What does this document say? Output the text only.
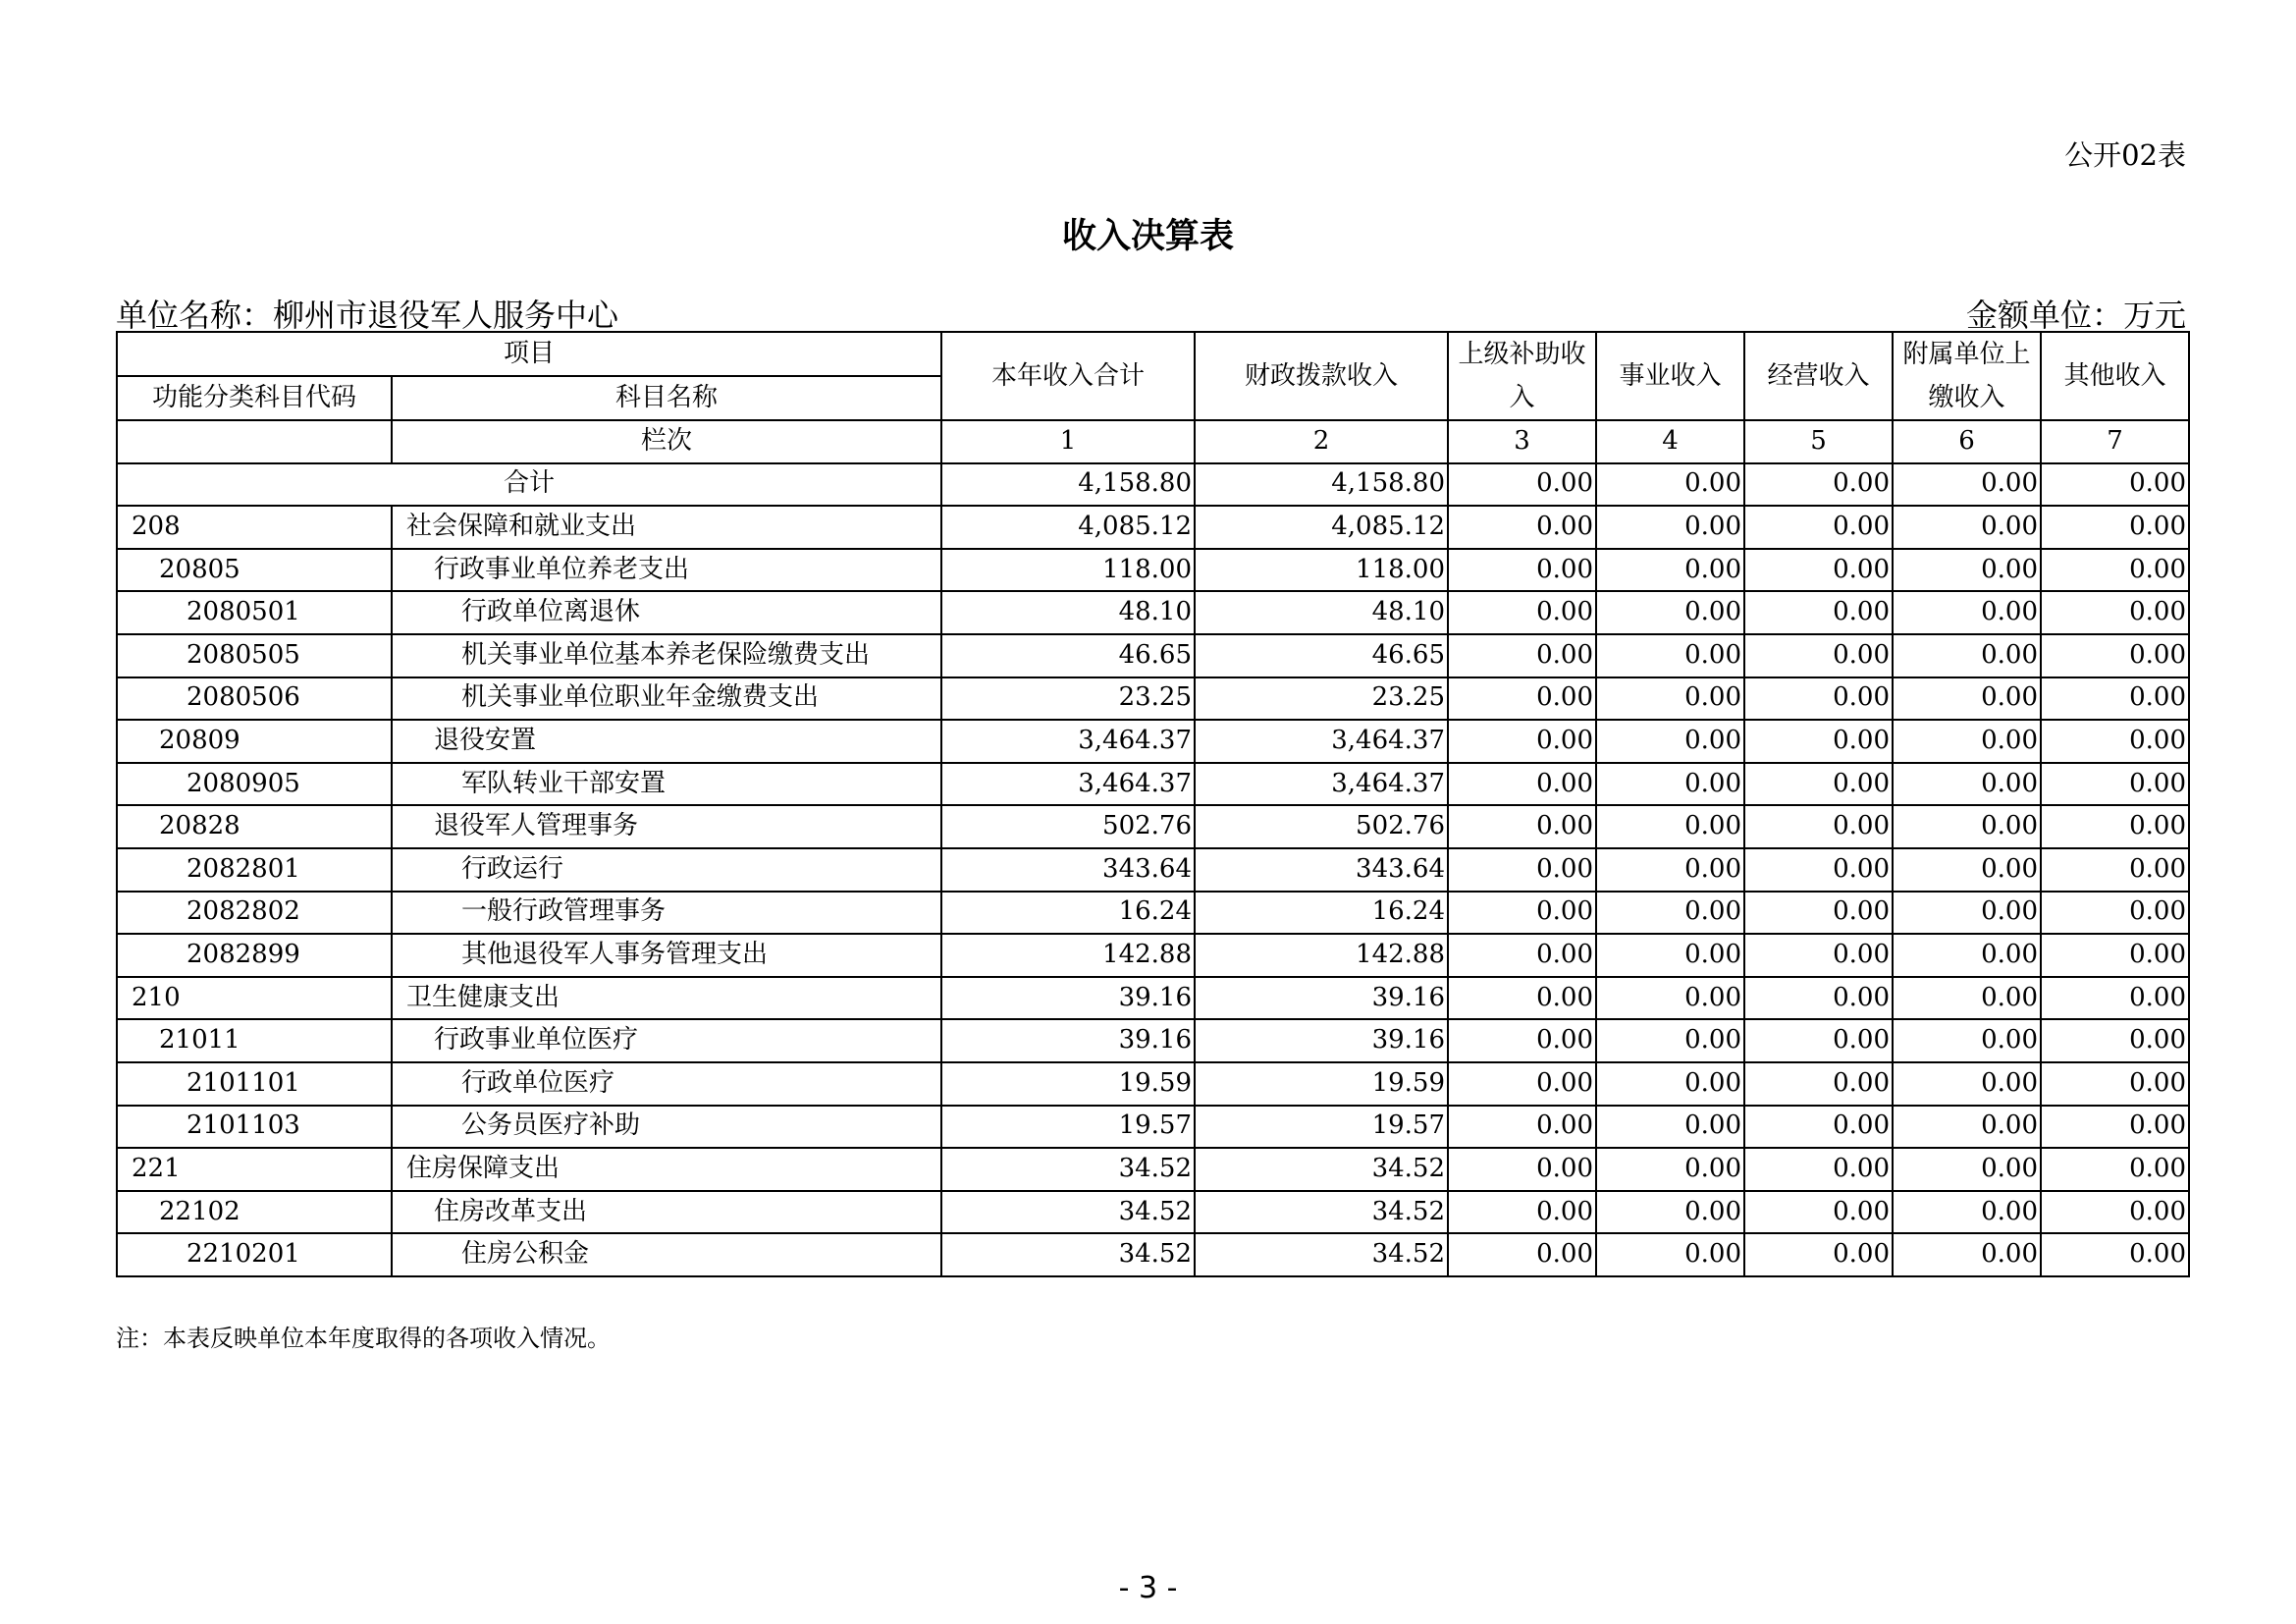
公开02表
收入决算表
单位名称：柳州市退役军人服务中心	金额单位：万元
项目		本年收入合计	财政拨款收入	上级补助收入	事业收入	经营收入	附属单位上缴收入	其他收入
功能分类科目代码	科目名称							
	栏次	1	2	3	4	5	6	7
合计		4,158.80	4,158.80	0.00	0.00	0.00	0.00	0.00
208	社会保障和就业支出	4,085.12	4,085.12	0.00	0.00	0.00	0.00	0.00
20805	行政事业单位养老支出	118.00	118.00	0.00	0.00	0.00	0.00	0.00
2080501	行政单位离退休	48.10	48.10	0.00	0.00	0.00	0.00	0.00
2080505	机关事业单位基本养老保险缴费支出	46.65	46.65	0.00	0.00	0.00	0.00	0.00
2080506	机关事业单位职业年金缴费支出	23.25	23.25	0.00	0.00	0.00	0.00	0.00
20809	退役安置	3,464.37	3,464.37	0.00	0.00	0.00	0.00	0.00
2080905	军队转业干部安置	3,464.37	3,464.37	0.00	0.00	0.00	0.00	0.00
20828	退役军人管理事务	502.76	502.76	0.00	0.00	0.00	0.00	0.00
2082801	行政运行	343.64	343.64	0.00	0.00	0.00	0.00	0.00
2082802	一般行政管理事务	16.24	16.24	0.00	0.00	0.00	0.00	0.00
2082899	其他退役军人事务管理支出	142.88	142.88	0.00	0.00	0.00	0.00	0.00
210	卫生健康支出	39.16	39.16	0.00	0.00	0.00	0.00	0.00
21011	行政事业单位医疗	39.16	39.16	0.00	0.00	0.00	0.00	0.00
2101101	行政单位医疗	19.59	19.59	0.00	0.00	0.00	0.00	0.00
2101103	公务员医疗补助	19.57	19.57	0.00	0.00	0.00	0.00	0.00
221	住房保障支出	34.52	34.52	0.00	0.00	0.00	0.00	0.00
22102	住房改革支出	34.52	34.52	0.00	0.00	0.00	0.00	0.00
2210201	住房公积金	34.52	34.52	0.00	0.00	0.00	0.00	0.00
注：本表反映单位本年度取得的各项收入情况。
- 3 -
